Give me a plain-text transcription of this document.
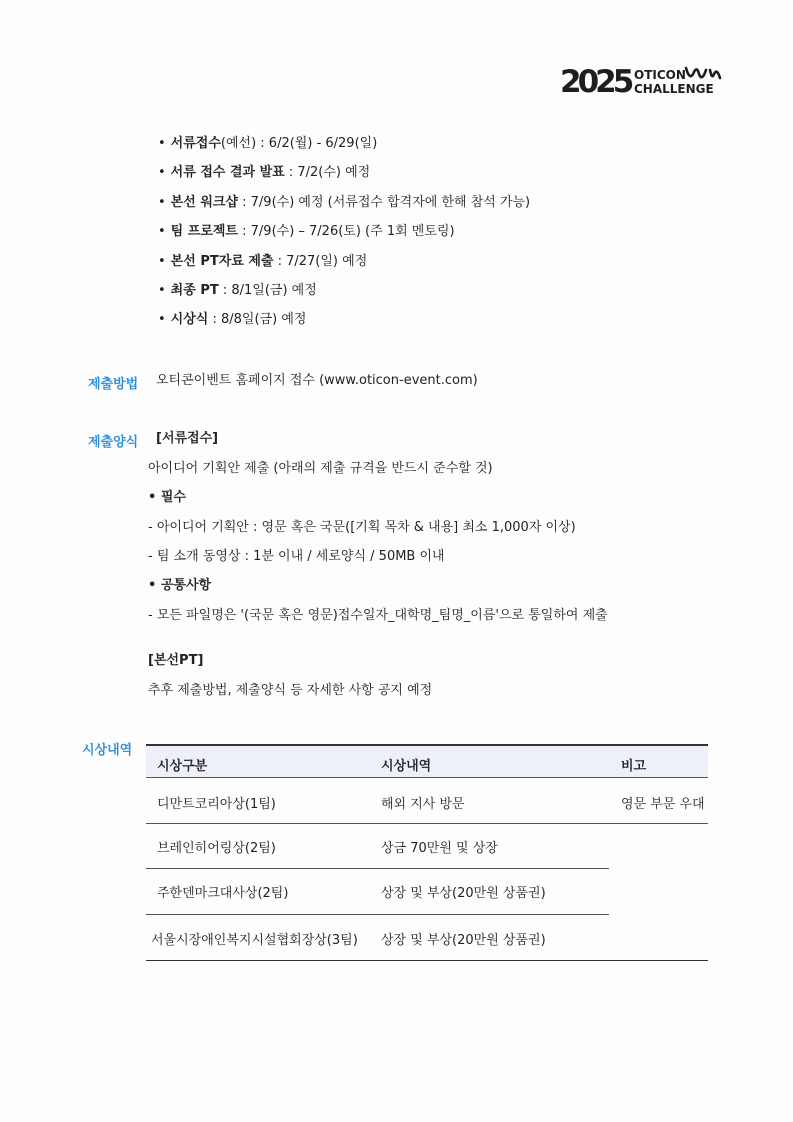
2025 OTICON
CHALLENGE
• 서류접수(예선) : 6/2(월) - 6/29(일)
• 서류 접수 결과 발표 : 7/2(수) 예정
• 본선 워크샵 : 7/9(수) 예정 (서류접수 합격자에 한해 참석 가능)
• 팀 프로젝트 : 7/9(수) – 7/26(토) (주 1회 멘토링)
• 본선 PT자료 제출 : 7/27(일) 예정
• 최종 PT : 8/1일(금) 예정
• 시상식 : 8/8일(금) 예정
제출방법 오티콘이벤트 홈페이지 접수 (www.oticon-event.com)
제출양식 [서류접수]
아이디어 기획안 제출 (아래의 제출 규격을 반드시 준수할 것)
• 필수
- 아이디어 기획안 : 영문 혹은 국문([기획 목차 & 내용] 최소 1,000자 이상)
- 팀 소개 동영상 : 1분 이내 / 세로양식 / 50MB 이내
• 공통사항
- 모든 파일명은 '(국문 혹은 영문)접수일자_대학명_팀명_이름'으로 통일하여 제출
[본선PT]
추후 제출방법, 제출양식 등 자세한 사항 공지 예정
시상내역
시상구분	시상내역	비고
디만트코리아상(1팀)	해외 지사 방문	영문 부문 우대
브레인히어링상(2팀)	상금 70만원 및 상장
주한덴마크대사상(2팀)	상장 및 부상(20만원 상품권)
서울시장애인복지시설협회장상(3팀) 상장 및 부상(20만원 상품권)
